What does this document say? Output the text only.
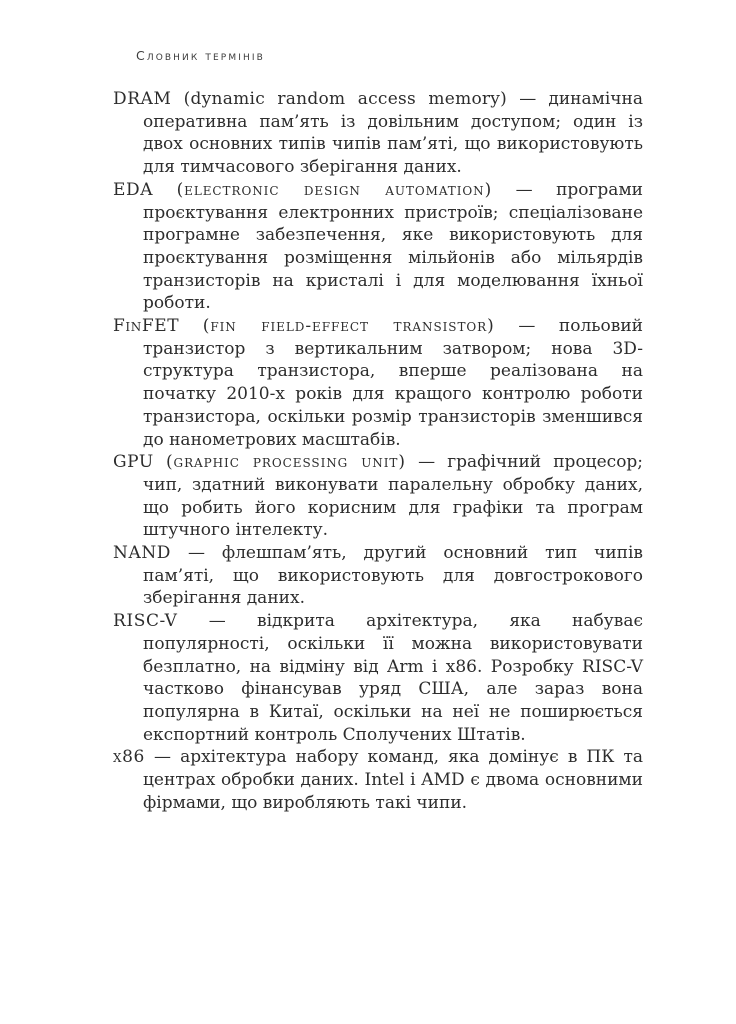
Словник термінів

DRAM (dynamic random access memory) — динамічна оперативна пам’ять із довільним доступом; один із двох основних типів чипів пам’яті, що використовують для тимчасового зберігання даних.

EDA (electronic design automation) — програми проєктування електронних пристроїв; спеціалізоване програмне забезпечення, яке використовують для проєктування розміщення мільйонів або мільярдів транзисторів на кристалі і для моделювання їхньої роботи.

FinFET (fin field-effect transistor) — польовий транзистор з вертикальним затвором; нова 3D-структура транзистора, вперше реалізована на початку 2010-х років для кращого контролю роботи транзистора, оскільки розмір транзисторів зменшився до нанометрових масштабів.

GPU (graphic processing unit) — графічний процесор; чип, здатний виконувати паралельну обробку даних, що робить його корисним для графіки та програм штучного інтелекту.

NAND — флешпам’ять, другий основний тип чипів пам’яті, що використовують для довгострокового зберігання даних.

RISC-V — відкрита архітектура, яка набуває популярності, оскільки її можна використовувати безплатно, на відміну від Arm і x86. Розробку RISC-V частково фінансував уряд США, але зараз вона популярна в Китаї, оскільки на неї не поширюється експортний контроль Сполучених Штатів.

x86 — архітектура набору команд, яка домінує в ПК та центрах обробки даних. Intel і AMD є двома основними фірмами, що виробляють такі чипи.
